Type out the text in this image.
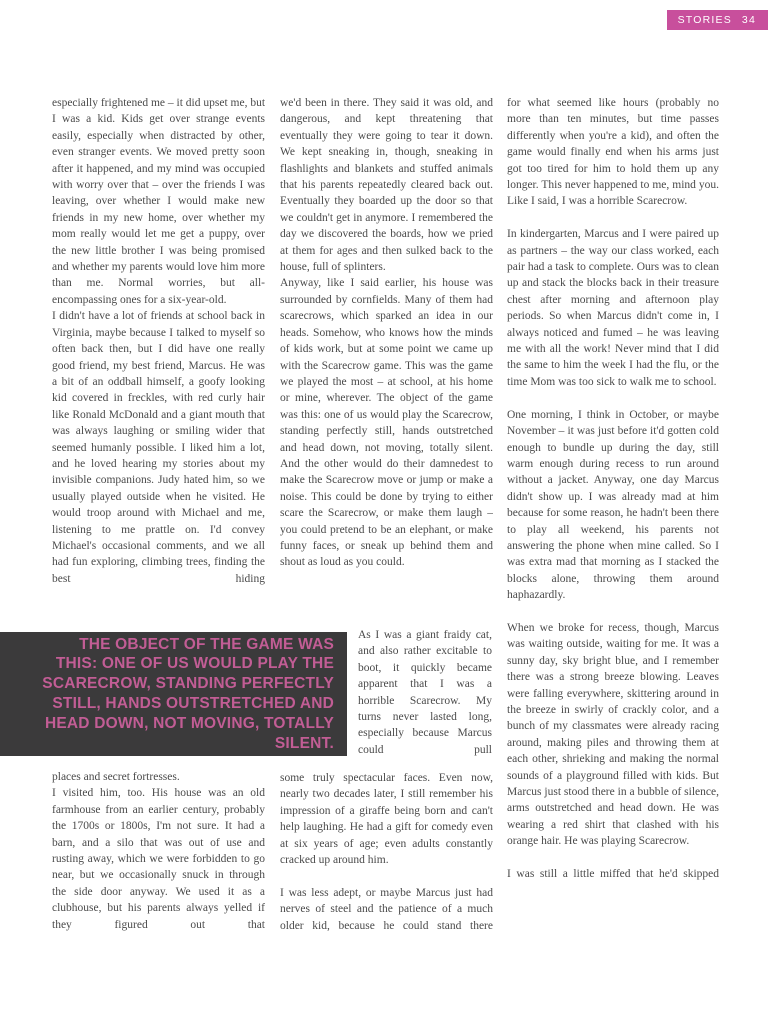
STORIES 34

especially frightened me – it did upset me, but I was a kid. Kids get over strange events easily, especially when distracted by other, even stranger events. We moved pretty soon after it happened, and my mind was occupied with worry over that – over the friends I was leaving, over whether I would make new friends in my new home, over whether my mom really would let me get a puppy, over the new little brother I was being promised and whether my parents would love him more than me. Normal worries, but all-encompassing ones for a six-year-old.

I didn't have a lot of friends at school back in Virginia, maybe because I talked to myself so often back then, but I did have one really good friend, my best friend, Marcus. He was a bit of an oddball himself, a goofy looking kid covered in freckles, with red curly hair like Ronald McDonald and a giant mouth that was always laughing or smiling wider that seemed humanly possible. I liked him a lot, and he loved hearing my stories about my invisible companions. Judy hated him, so we usually played outside when he visited. He would troop around with Michael and me, listening to me prattle on. I'd convey Michael's occasional comments, and we all had fun exploring, climbing trees, finding the best hiding

THE OBJECT OF THE GAME WAS THIS: ONE OF US WOULD PLAY THE SCARECROW, STANDING PERFECTLY STILL, HANDS OUTSTRETCHED AND HEAD DOWN, NOT MOVING, TOTALLY SILENT.

places and secret fortresses.

I visited him, too. His house was an old farmhouse from an earlier century, probably the 1700s or 1800s, I'm not sure. It had a barn, and a silo that was out of use and rusting away, which we were forbidden to go near, but we occasionally snuck in through the side door anyway. We used it as a clubhouse, but his parents always yelled if they figured out that

we'd been in there. They said it was old, and dangerous, and kept threatening that eventually they were going to tear it down. We kept sneaking in, though, sneaking in flashlights and blankets and stuffed animals that his parents repeatedly cleared back out. Eventually they boarded up the door so that we couldn't get in anymore. I remembered the day we discovered the boards, how we pried at them for ages and then sulked back to the house, full of splinters.

Anyway, like I said earlier, his house was surrounded by cornfields. Many of them had scarecrows, which sparked an idea in our heads. Somehow, who knows how the minds of kids work, but at some point we came up with the Scarecrow game. This was the game we played the most – at school, at his home or mine, wherever. The object of the game was this: one of us would play the Scarecrow, standing perfectly still, hands outstretched and head down, not moving, totally silent. And the other would do their damnedest to make the Scarecrow move or jump or make a noise. This could be done by trying to either scare the Scarecrow, or make them laugh – you could pretend to be an elephant, or make funny faces, or sneak up behind them and shout as loud as you could.

As I was a giant fraidy cat, and also rather excitable to boot, it quickly became apparent that I was a horrible Scarecrow. My turns never lasted long, especially because Marcus could pull

some truly spectacular faces. Even now, nearly two decades later, I still remember his impression of a giraffe being born and can't help laughing. He had a gift for comedy even at six years of age; even adults constantly cracked up around him.

I was less adept, or maybe Marcus just had nerves of steel and the patience of a much older kid, because he could stand there

for what seemed like hours (probably no more than ten minutes, but time passes differently when you're a kid), and often the game would finally end when his arms just got too tired for him to hold them up any longer. This never happened to me, mind you. Like I said, I was a horrible Scarecrow.

In kindergarten, Marcus and I were paired up as partners – the way our class worked, each pair had a task to complete. Ours was to clean up and stack the blocks back in their treasure chest after morning and afternoon play periods. So when Marcus didn't come in, I always noticed and fumed – he was leaving me with all the work! Never mind that I did the same to him the week I had the flu, or the time Mom was too sick to walk me to school.

One morning, I think in October, or maybe November – it was just before it'd gotten cold enough to bundle up during the day, still warm enough during recess to run around without a jacket. Anyway, one day Marcus didn't show up. I was already mad at him because for some reason, he hadn't been there to play all weekend, his parents not answering the phone when mine called. So I was extra mad that morning as I stacked the blocks alone, throwing them around haphazardly.

When we broke for recess, though, Marcus was waiting outside, waiting for me. It was a sunny day, sky bright blue, and I remember there was a strong breeze blowing. Leaves were falling everywhere, skittering around in the breeze in swirly of crackly color, and a bunch of my classmates were already racing around, making piles and throwing them at each other, shrieking and making the normal sounds of a playground filled with kids. But Marcus just stood there in a bubble of silence, arms outstretched and head down. He was wearing a red shirt that clashed with his orange hair. He was playing Scarecrow.

I was still a little miffed that he'd skipped
